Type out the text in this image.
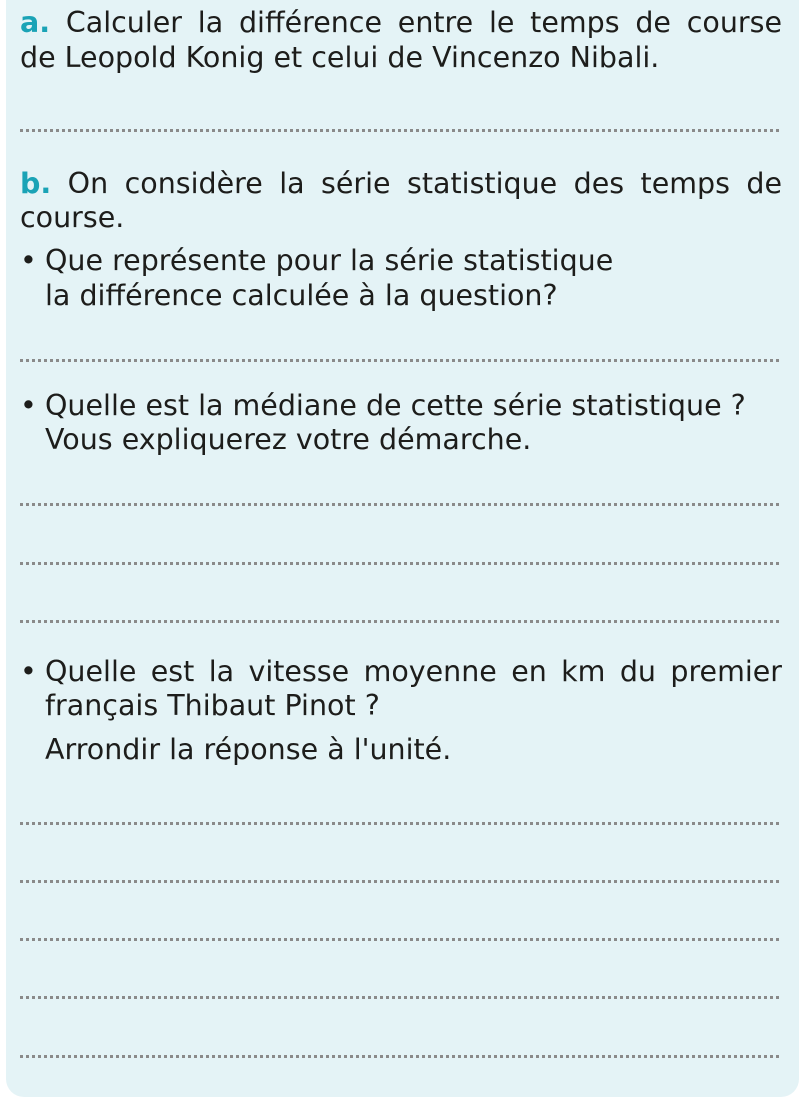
a. Calculer la différence entre le temps de course
de Leopold Konig et celui de Vincenzo Nibali.
b. On considère la série statistique des temps de
course.
• Que représente pour la série statistique
la différence calculée à la question?
• Quelle est la médiane de cette série statistique ?
Vous expliquerez votre démarche.
• Quelle est la vitesse moyenne en km du premier
français Thibaut Pinot ?
Arrondir la réponse à l'unité.
